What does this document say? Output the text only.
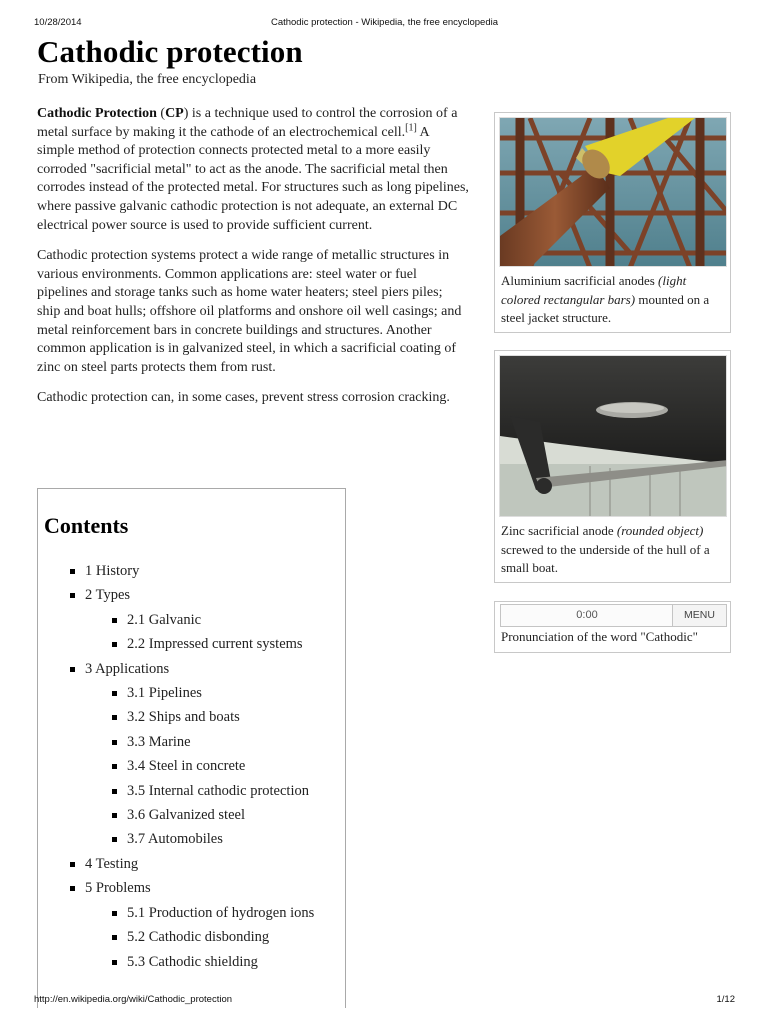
10/28/2014	Cathodic protection - Wikipedia, the free encyclopedia
Cathodic protection
From Wikipedia, the free encyclopedia

Cathodic Protection (CP) is a technique used to control the corrosion of a metal surface by making it the cathode of an electrochemical cell.[1] A simple method of protection connects protected metal to a more easily corroded "sacrificial metal" to act as the anode. The sacrificial metal then corrodes instead of the protected metal. For structures such as long pipelines, where passive galvanic cathodic protection is not adequate, an external DC electrical power source is used to provide sufficient current.

Cathodic protection systems protect a wide range of metallic structures in various environments. Common applications are: steel water or fuel pipelines and storage tanks such as home water heaters; steel piers piles; ship and boat hulls; offshore oil platforms and onshore oil well casings; and metal reinforcement bars in concrete buildings and structures. Another common application is in galvanized steel, in which a sacrificial coating of zinc on steel parts protects them from rust.

Cathodic protection can, in some cases, prevent stress corrosion cracking.

Contents
1 History
2 Types
2.1 Galvanic
2.2 Impressed current systems
3 Applications
3.1 Pipelines
3.2 Ships and boats
3.3 Marine
3.4 Steel in concrete
3.5 Internal cathodic protection
3.6 Galvanized steel
3.7 Automobiles
4 Testing
5 Problems
5.1 Production of hydrogen ions
5.2 Cathodic disbonding
5.3 Cathodic shielding
Aluminium sacrificial anodes (light colored rectangular bars) mounted on a steel jacket structure.
Zinc sacrificial anode (rounded object) screwed to the underside of the hull of a small boat.
0:00	MENU
Pronunciation of the word "Cathodic"
http://en.wikipedia.org/wiki/Cathodic_protection	1/12
